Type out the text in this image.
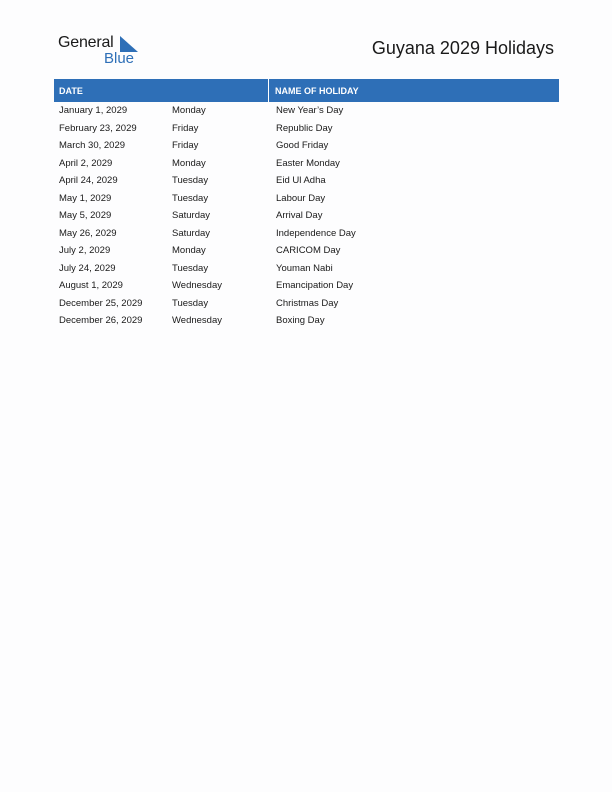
General
Blue
Guyana 2029 Holidays
DATE	NAME OF HOLIDAY
January 1, 2029	Monday	New Year’s Day
February 23, 2029	Friday	Republic Day
March 30, 2029	Friday	Good Friday
April 2, 2029	Monday	Easter Monday
April 24, 2029	Tuesday	Eid Ul Adha
May 1, 2029	Tuesday	Labour Day
May 5, 2029	Saturday	Arrival Day
May 26, 2029	Saturday	Independence Day
July 2, 2029	Monday	CARICOM Day
July 24, 2029	Tuesday	Youman Nabi
August 1, 2029	Wednesday	Emancipation Day
December 25, 2029	Tuesday	Christmas Day
December 26, 2029	Wednesday	Boxing Day
